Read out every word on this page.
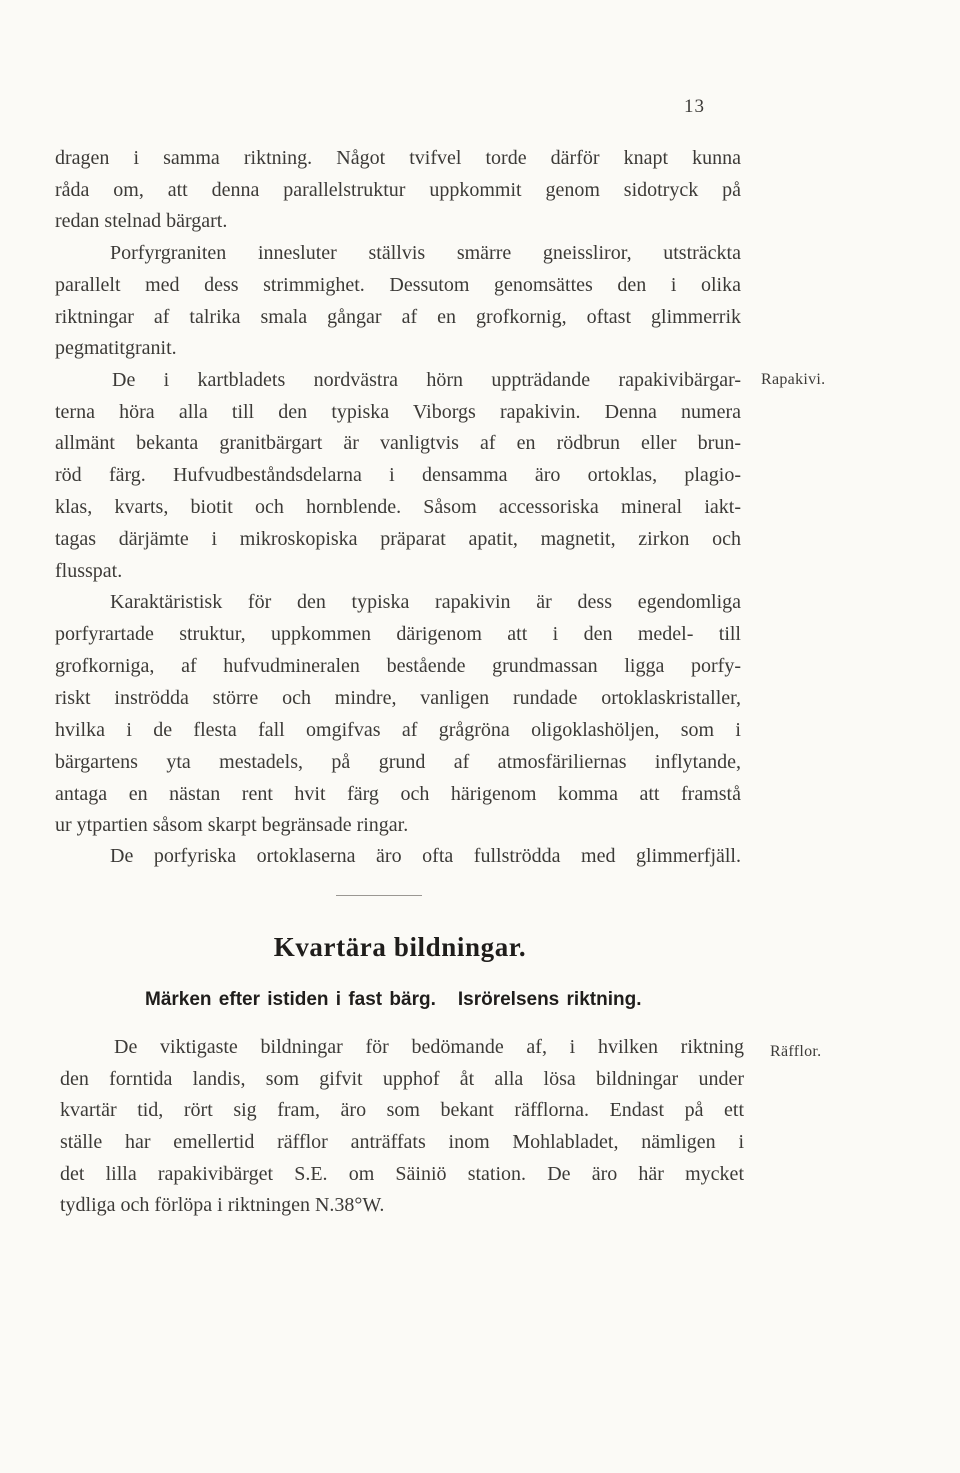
13
dragen i samma riktning. Något tvifvel torde därför knapt kunna
råda om, att denna parallelstruktur uppkommit genom sidotryck på
redan stelnad bärgart.
Porfyrgraniten innesluter ställvis smärre gneissliror, utsträckta
parallelt med dess strimmighet. Dessutom genomsättes den i olika
riktningar af talrika smala gångar af en grofkornig, oftast glimmerrik
pegmatitgranit.
De i kartbladets nordvästra hörn uppträdande rapakivibärgar-
terna höra alla till den typiska Viborgs rapakivin. Denna numera
allmänt bekanta granitbärgart är vanligtvis af en rödbrun eller brun-
röd färg. Hufvudbeståndsdelarna i densamma äro ortoklas, plagio-
klas, kvarts, biotit och hornblende. Såsom accessoriska mineral iakt-
tagas därjämte i mikroskopiska präparat apatit, magnetit, zirkon och
flusspat.
Rapakivi.
Karaktäristisk för den typiska rapakivin är dess egendomliga
porfyrartade struktur, uppkommen därigenom att i den medel- till
grofkorniga, af hufvudmineralen bestående grundmassan ligga porfy-
riskt inströdda större och mindre, vanligen rundade ortoklaskristaller,
hvilka i de flesta fall omgifvas af grågröna oligoklashöljen, som i
bärgartens yta mestadels, på grund af atmosfäriliernas inflytande,
antaga en nästan rent hvit färg och härigenom komma att framstå
ur ytpartien såsom skarpt begränsade ringar.
De porfyriska ortoklaserna äro ofta fullströdda med glimmerfjäll.
Kvartära bildningar.
Märken efter istiden i fast bärg. Isrörelsens riktning.
De viktigaste bildningar för bedömande af, i hvilken riktning
den forntida landis, som gifvit upphof åt alla lösa bildningar under
kvartär tid, rört sig fram, äro som bekant räfflorna. Endast på ett
ställe har emellertid räfflor anträffats inom Mohlabladet, nämligen i
det lilla rapakivibärget S.E. om Säiniö station. De äro här mycket
tydliga och förlöpa i riktningen N.38°W.
Räfflor.
